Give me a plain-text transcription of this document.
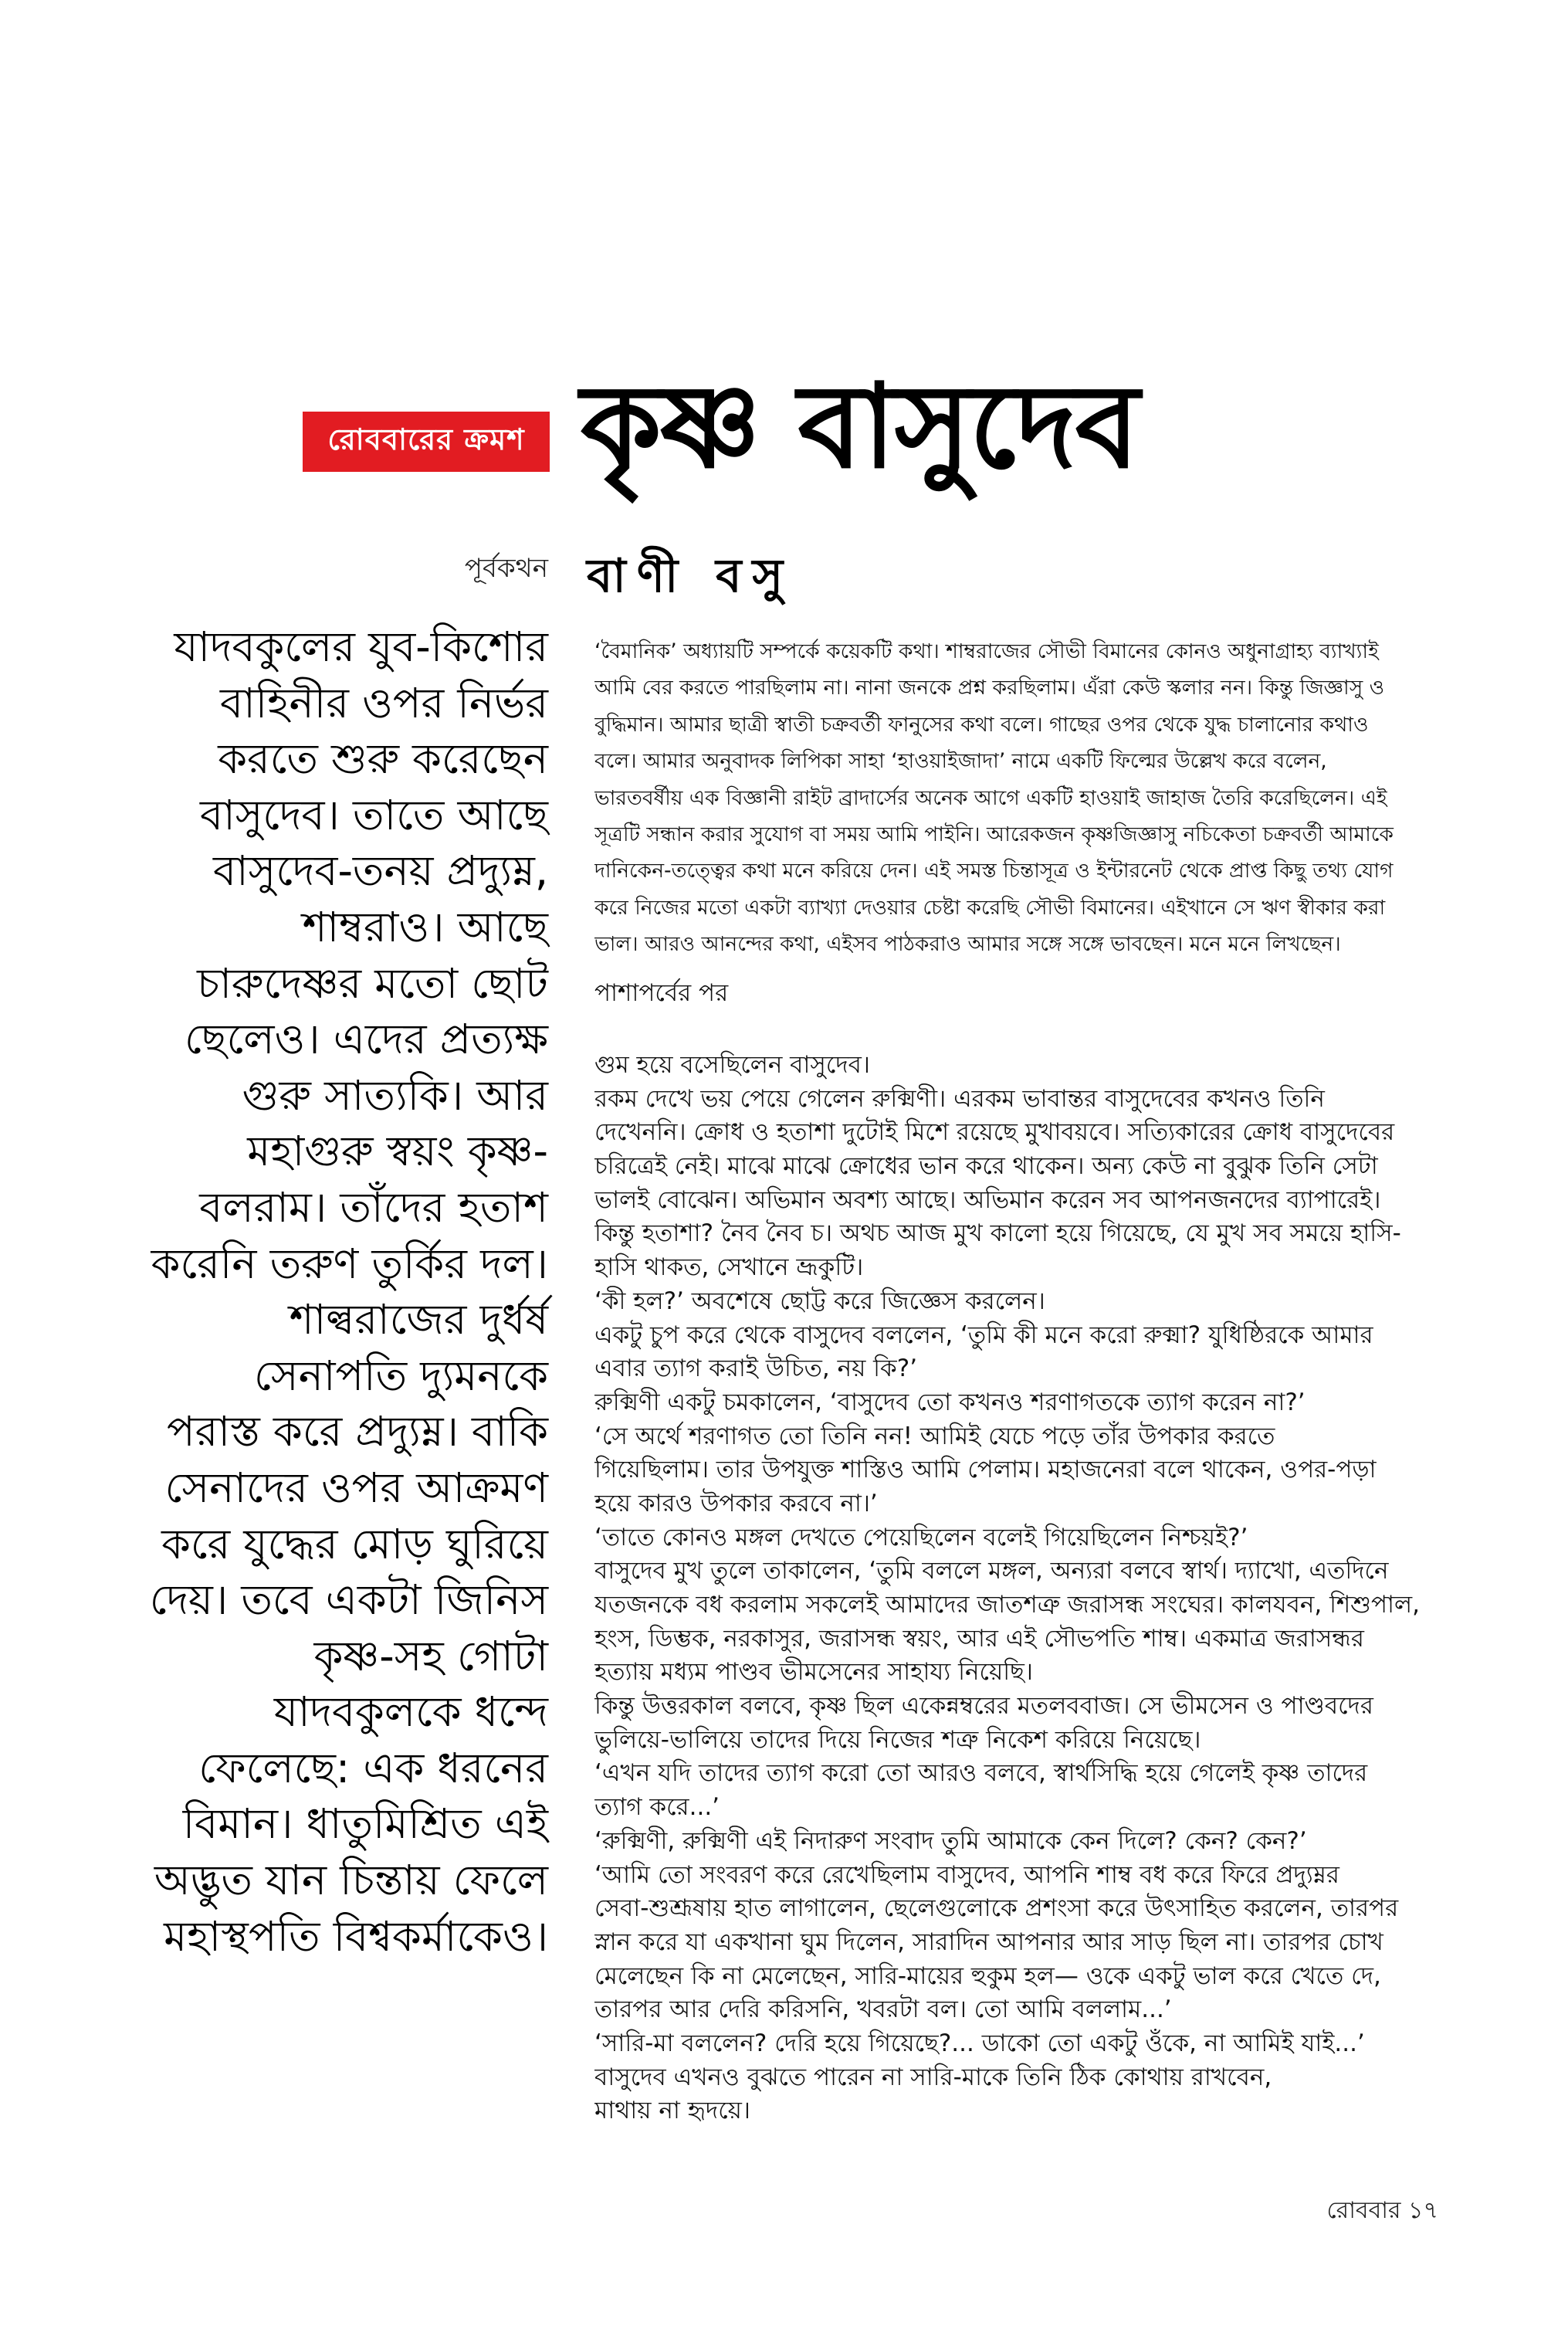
রোববারের ক্রমশ কৃষ্ণ বাসুদেব
পূর্বকথন বাণী বসু
যাদবকুলের যুব-কিশোর
বাহিনীর ওপর নির্ভর
করতে শুরু করেছেন
বাসুদেব। তাতে আছে
বাসুদেব-তনয় প্রদ্যুম্ন,
শাম্বরাও। আছে
চারুদেষ্ণর মতো ছোট
ছেলেও। এদের প্রত্যক্ষ
গুরু সাত্যকি। আর
মহাগুরু স্বয়ং কৃষ্ণ-
বলরাম। তাঁদের হতাশ
করেনি তরুণ তুর্কির দল।
শাল্বরাজের দুর্ধর্ষ
সেনাপতি দ্যুমনকে
পরাস্ত করে প্রদ্যুম্ন। বাকি
সেনাদের ওপর আক্রমণ
করে যুদ্ধের মোড় ঘুরিয়ে
দেয়। তবে একটা জিনিস
কৃষ্ণ-সহ গোটা
যাদবকুলকে ধন্দে
ফেলেছে: এক ধরনের
বিমান। ধাতুমিশ্রিত এই
অদ্ভুত যান চিন্তায় ফেলে
মহাস্থপতি বিশ্বকর্মাকেও।
‘বৈমানিক’ অধ্যায়টি সম্পর্কে কয়েকটি কথা। শাম্বরাজের সৌভী বিমানের কোনও অধুনাগ্রাহ্য ব্যাখ্যাই
আমি বের করতে পারছিলাম না। নানা জনকে প্রশ্ন করছিলাম। এঁরা কেউ স্কলার নন। কিন্তু জিজ্ঞাসু ও
বুদ্ধিমান। আমার ছাত্রী স্বাতী চক্রবর্তী ফানুসের কথা বলে। গাছের ওপর থেকে যুদ্ধ চালানোর কথাও
বলে। আমার অনুবাদক লিপিকা সাহা ‘হাওয়াইজাদা’ নামে একটি ফিল্মের উল্লেখ করে বলেন,
ভারতবর্ষীয় এক বিজ্ঞানী রাইট ব্রাদার্সের অনেক আগে একটি হাওয়াই জাহাজ তৈরি করেছিলেন। এই
সূত্রটি সন্ধান করার সুযোগ বা সময় আমি পাইনি। আরেকজন কৃষ্ণজিজ্ঞাসু নচিকেতা চক্রবর্তী আমাকে
দানিকেন-তত্ত্বের কথা মনে করিয়ে দেন। এই সমস্ত চিন্তাসূত্র ও ইন্টারনেট থেকে প্রাপ্ত কিছু তথ্য যোগ
করে নিজের মতো একটা ব্যাখ্যা দেওয়ার চেষ্টা করেছি সৌভী বিমানের। এইখানে সে ঋণ স্বীকার করা
ভাল। আরও আনন্দের কথা, এইসব পাঠকরাও আমার সঙ্গে সঙ্গে ভাবছেন। মনে মনে লিখছেন।
পাশাপর্বের পর
গুম হয়ে বসেছিলেন বাসুদেব।
রকম দেখে ভয় পেয়ে গেলেন রুক্মিণী। এরকম ভাবান্তর বাসুদেবের কখনও তিনি
দেখেননি। ক্রোধ ও হতাশা দুটোই মিশে রয়েছে মুখাবয়বে। সত্যিকারের ক্রোধ বাসুদেবের
চরিত্রেই নেই। মাঝে মাঝে ক্রোধের ভান করে থাকেন। অন্য কেউ না বুঝুক তিনি সেটা
ভালই বোঝেন। অভিমান অবশ্য আছে। অভিমান করেন সব আপনজনদের ব্যাপারেই।
কিন্তু হতাশা? নৈব নৈব চ। অথচ আজ মুখ কালো হয়ে গিয়েছে, যে মুখ সব সময়ে হাসি-
হাসি থাকত, সেখানে ভ্রূকুটি।
‘কী হল?’ অবশেষে ছোট্ট করে জিজ্ঞেস করলেন।
একটু চুপ করে থেকে বাসুদেব বললেন, ‘তুমি কী মনে করো রুক্মা? যুধিষ্ঠিরকে আমার
এবার ত্যাগ করাই উচিত, নয় কি?’
রুক্মিণী একটু চমকালেন, ‘বাসুদেব তো কখনও শরণাগতকে ত্যাগ করেন না?’
‘সে অর্থে শরণাগত তো তিনি নন! আমিই যেচে পড়ে তাঁর উপকার করতে
গিয়েছিলাম। তার উপযুক্ত শাস্তিও আমি পেলাম। মহাজনেরা বলে থাকেন, ওপর-পড়া
হয়ে কারও উপকার করবে না।’
‘তাতে কোনও মঙ্গল দেখতে পেয়েছিলেন বলেই গিয়েছিলেন নিশ্চয়ই?’
বাসুদেব মুখ তুলে তাকালেন, ‘তুমি বললে মঙ্গল, অন্যরা বলবে স্বার্থ। দ্যাখো, এতদিনে
যতজনকে বধ করলাম সকলেই আমাদের জাতশত্রু জরাসন্ধ সংঘের। কালযবন, শিশুপাল,
হংস, ডিম্ভক, নরকাসুর, জরাসন্ধ স্বয়ং, আর এই সৌভপতি শাম্ব। একমাত্র জরাসন্ধর
হত্যায় মধ্যম পাণ্ডব ভীমসেনের সাহায্য নিয়েছি।
কিন্তু উত্তরকাল বলবে, কৃষ্ণ ছিল একেন্নম্বরের মতলববাজ। সে ভীমসেন ও পাণ্ডবদের
ভুলিয়ে-ভালিয়ে তাদের দিয়ে নিজের শত্রু নিকেশ করিয়ে নিয়েছে।
‘এখন যদি তাদের ত্যাগ করো তো আরও বলবে, স্বার্থসিদ্ধি হয়ে গেলেই কৃষ্ণ তাদের
ত্যাগ করে...’
‘রুক্মিণী, রুক্মিণী এই নিদারুণ সংবাদ তুমি আমাকে কেন দিলে? কেন? কেন?’
‘আমি তো সংবরণ করে রেখেছিলাম বাসুদেব, আপনি শাম্ব বধ করে ফিরে প্রদ্যুম্নর
সেবা-শুশ্রূষায় হাত লাগালেন, ছেলেগুলোকে প্রশংসা করে উৎসাহিত করলেন, তারপর
স্নান করে যা একখানা ঘুম দিলেন, সারাদিন আপনার আর সাড় ছিল না। তারপর চোখ
মেলেছেন কি না মেলেছেন, সারি-মায়ের হুকুম হল— ওকে একটু ভাল করে খেতে দে,
তারপর আর দেরি করিসনি, খবরটা বল। তো আমি বললাম...’
‘সারি-মা বললেন? দেরি হয়ে গিয়েছে?... ডাকো তো একটু ওঁকে, না আমিই যাই...’
বাসুদেব এখনও বুঝতে পারেন না সারি-মাকে তিনি ঠিক কোথায় রাখবেন,
মাথায় না হৃদয়ে।
রোববার ১৭
